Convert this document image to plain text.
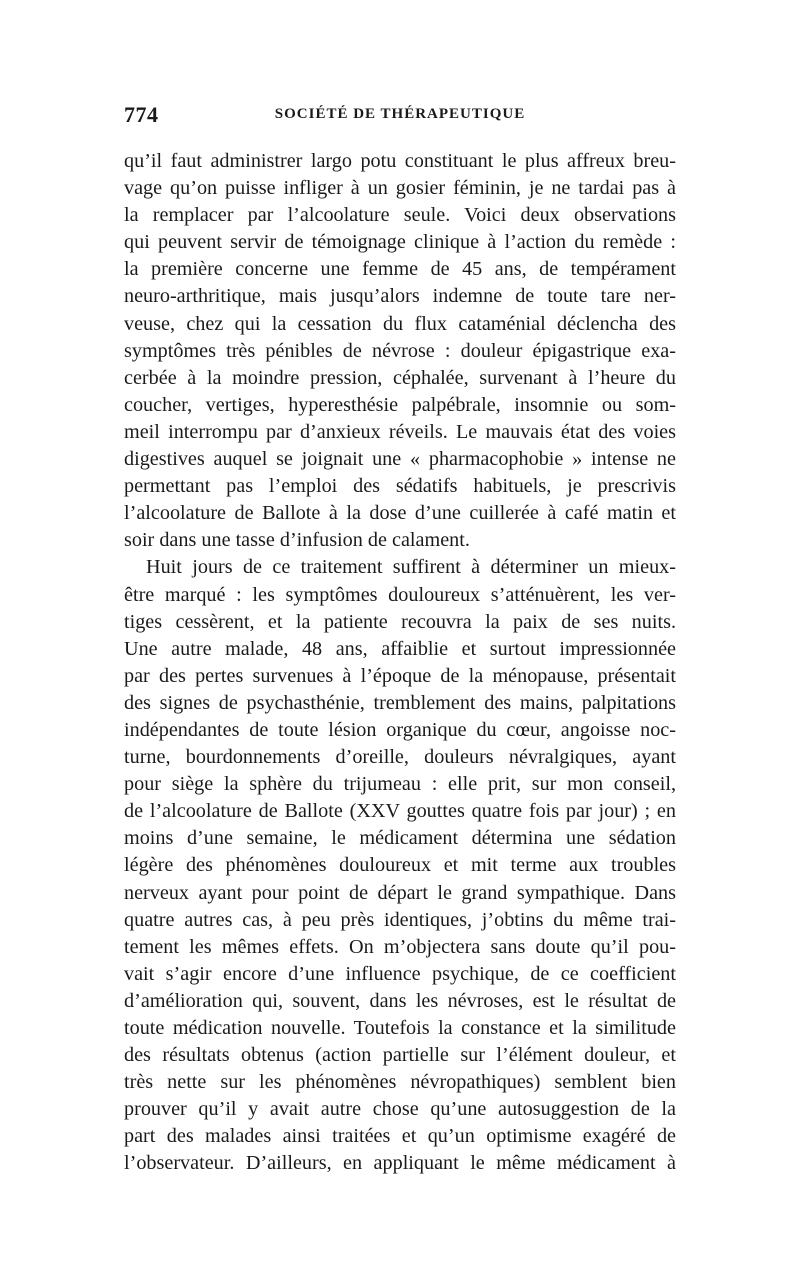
774	SOCIÉTÉ DE THÉRAPEUTIQUE
qu’il faut administrer largo potu constituant le plus affreux breu-
vage qu’on puisse infliger à un gosier féminin, je ne tardai pas à
la remplacer par l’alcoolature seule. Voici deux observations
qui peuvent servir de témoignage clinique à l’action du remède :
la première concerne une femme de 45 ans, de tempérament
neuro-arthritique, mais jusqu’alors indemne de toute tare ner-
veuse, chez qui la cessation du flux cataménial déclencha des
symptômes très pénibles de névrose : douleur épigastrique exa-
cerbée à la moindre pression, céphalée, survenant à l’heure du
coucher, vertiges, hyperesthésie palpébrale, insomnie ou som-
meil interrompu par d’anxieux réveils. Le mauvais état des voies
digestives auquel se joignait une « pharmacophobie » intense ne
permettant pas l’emploi des sédatifs habituels, je prescrivis
l’alcoolature de Ballote à la dose d’une cuillerée à café matin et
soir dans une tasse d’infusion de calament.
Huit jours de ce traitement suffirent à déterminer un mieux-
être marqué : les symptômes douloureux s’atténuèrent, les ver-
tiges cessèrent, et la patiente recouvra la paix de ses nuits.
Une autre malade, 48 ans, affaiblie et surtout impressionnée
par des pertes survenues à l’époque de la ménopause, présentait
des signes de psychasthénie, tremblement des mains, palpitations
indépendantes de toute lésion organique du cœur, angoisse noc-
turne, bourdonnements d’oreille, douleurs névralgiques, ayant
pour siège la sphère du trijumeau : elle prit, sur mon conseil,
de l’alcoolature de Ballote (XXV gouttes quatre fois par jour) ; en
moins d’une semaine, le médicament détermina une sédation
légère des phénomènes douloureux et mit terme aux troubles
nerveux ayant pour point de départ le grand sympathique. Dans
quatre autres cas, à peu près identiques, j’obtins du même trai-
tement les mêmes effets. On m’objectera sans doute qu’il pou-
vait s’agir encore d’une influence psychique, de ce coefficient
d’amélioration qui, souvent, dans les névroses, est le résultat de
toute médication nouvelle. Toutefois la constance et la similitude
des résultats obtenus (action partielle sur l’élément douleur, et
très nette sur les phénomènes névropathiques) semblent bien
prouver qu’il y avait autre chose qu’une autosuggestion de la
part des malades ainsi traitées et qu’un optimisme exagéré de
l’observateur. D’ailleurs, en appliquant le même médicament à
